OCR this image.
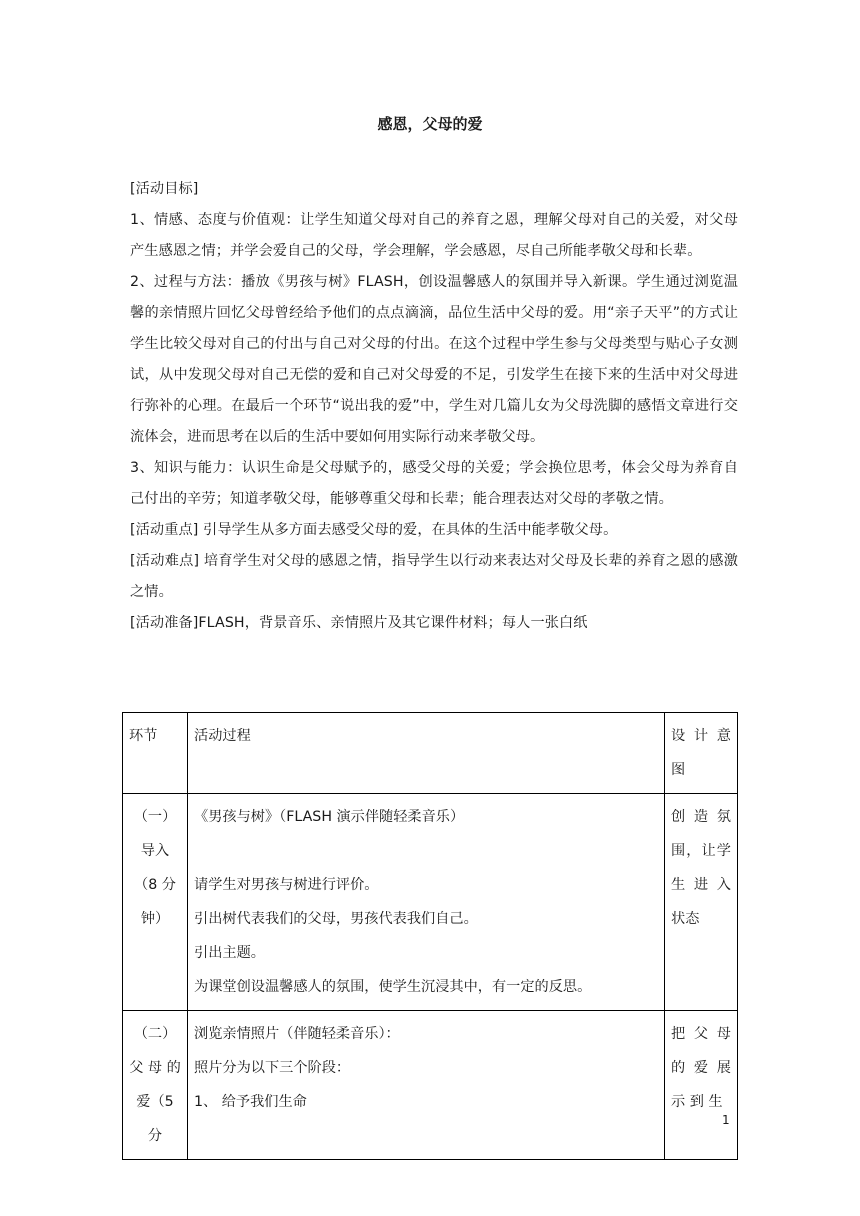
感恩，父母的爱

[活动目标]

1、情感、态度与价值观：让学生知道父母对自己的养育之恩，理解父母对自己的关爱，对父母产生感恩之情；并学会爱自己的父母，学会理解，学会感恩，尽自己所能孝敬父母和长辈。

2、过程与方法：播放《男孩与树》FLASH，创设温馨感人的氛围并导入新课。学生通过浏览温馨的亲情照片回忆父母曾经给予他们的点点滴滴，品位生活中父母的爱。用“亲子天平”的方式让学生比较父母对自己的付出与自己对父母的付出。在这个过程中学生参与父母类型与贴心子女测试，从中发现父母对自己无偿的爱和自己对父母爱的不足，引发学生在接下来的生活中对父母进行弥补的心理。在最后一个环节“说出我的爱”中，学生对几篇儿女为父母洗脚的感悟文章进行交流体会，进而思考在以后的生活中要如何用实际行动来孝敬父母。

3、知识与能力：认识生命是父母赋予的，感受父母的关爱；学会换位思考，体会父母为养育自己付出的辛劳；知道孝敬父母，能够尊重父母和长辈；能合理表达对父母的孝敬之情。

[活动重点] 引导学生从多方面去感受父母的爱，在具体的生活中能孝敬父母。

[活动难点] 培育学生对父母的感恩之情，指导学生以行动来表达对父母及长辈的养育之恩的感激之情。

[活动准备]FLASH，背景音乐、亲情照片及其它课件材料；每人一张白纸

环节	活动过程	设 计 意
图

（一）
导入
（8 分
钟）	《男孩与树》（FLASH 演示伴随轻柔音乐）
请学生对男孩与树进行评价。
引出树代表我们的父母，男孩代表我们自己。
引出主题。
为课堂创设温馨感人的氛围，使学生沉浸其中，有一定的反思。	创 造 氛
围，让学
生 进 入
状态

（二）
父 母 的
爱（5 分	浏览亲情照片（伴随轻柔音乐）：
照片分为以下三个阶段：
1、 给予我们生命	把 父 母
的 爱 展
示 到 生
1
